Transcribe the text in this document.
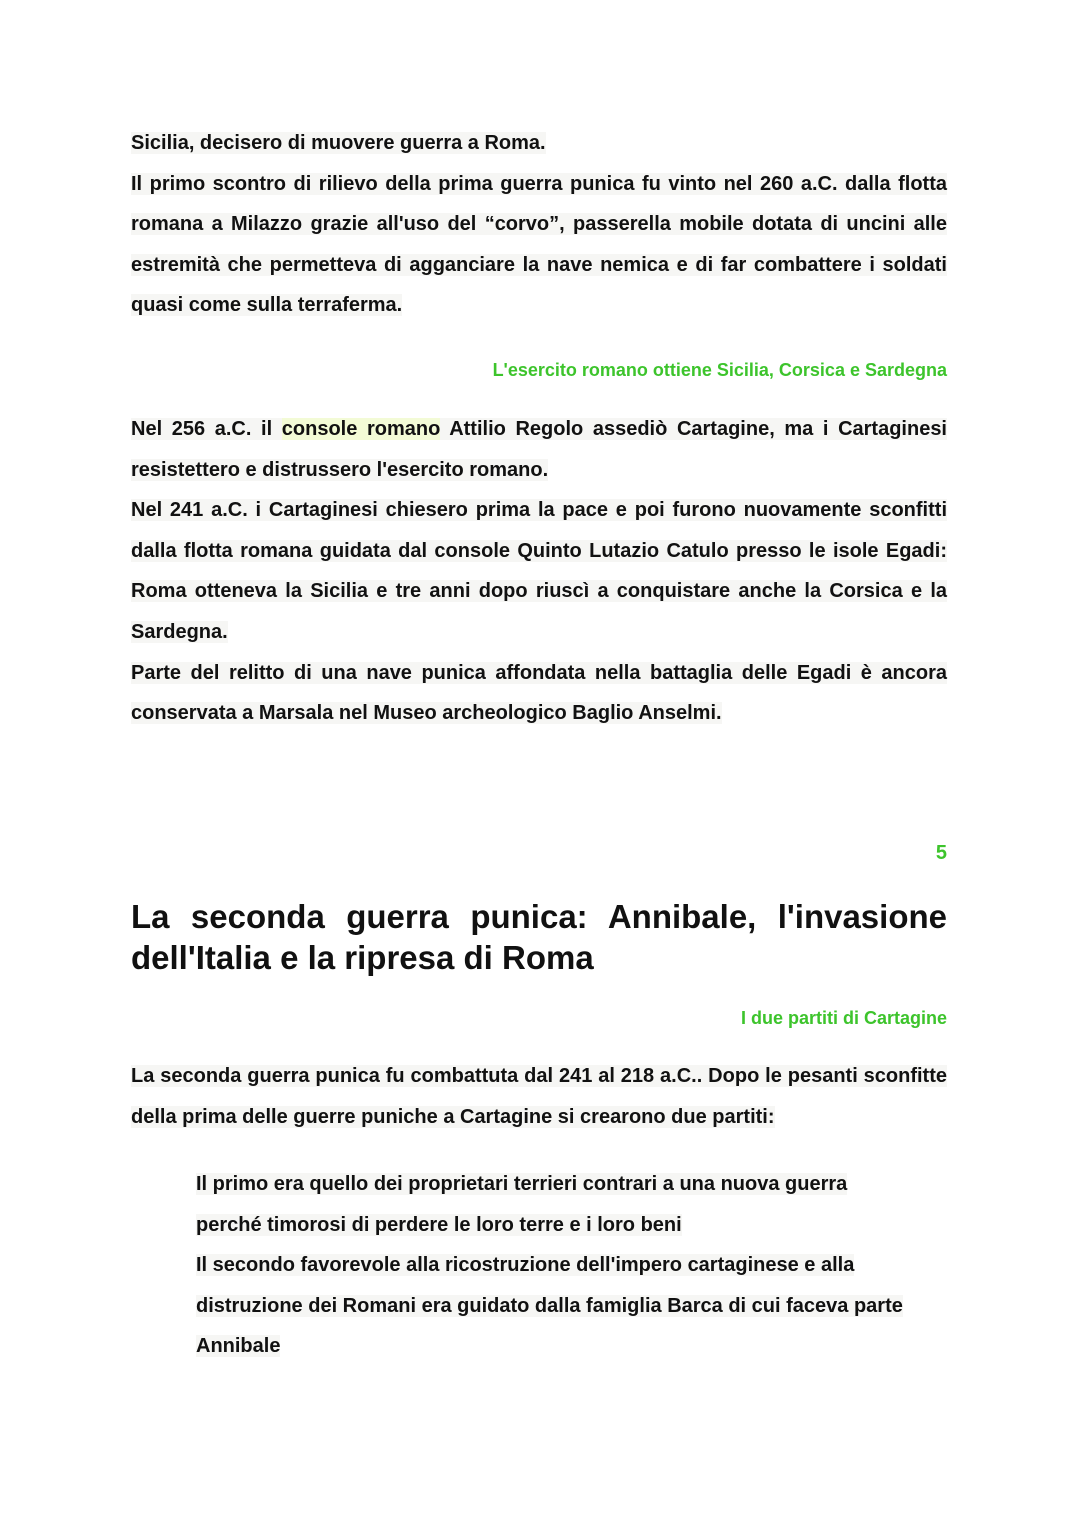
Sicilia, decisero di muovere guerra a Roma.

Il primo scontro di rilievo della prima guerra punica fu vinto nel 260 a.C. dalla flotta romana a Milazzo grazie all'uso del “corvo”, passerella mobile dotata di uncini alle estremità che permetteva di agganciare la nave nemica e di far combattere i soldati quasi come sulla terraferma.

L'esercito romano ottiene Sicilia, Corsica e Sardegna

Nel 256 a.C. il console romano Attilio Regolo assediò Cartagine, ma i Cartaginesi resistettero e distrussero l'esercito romano.

Nel 241 a.C. i Cartaginesi chiesero prima la pace e poi furono nuovamente sconfitti dalla flotta romana guidata dal console Quinto Lutazio Catulo presso le isole Egadi: Roma otteneva la Sicilia e tre anni dopo riuscì a conquistare anche la Corsica e la Sardegna.

Parte del relitto di una nave punica affondata nella battaglia delle Egadi è ancora conservata a Marsala nel Museo archeologico Baglio Anselmi.

5
La seconda guerra punica: Annibale, l'invasione dell'Italia e la ripresa di Roma
I due partiti di Cartagine

La seconda guerra punica fu combattuta dal 241 al 218 a.C.. Dopo le pesanti sconfitte della prima delle guerre puniche a Cartagine si crearono due partiti:

Il primo era quello dei proprietari terrieri contrari a una nuova guerra perché timorosi di perdere le loro terre e i loro beni
Il secondo favorevole alla ricostruzione dell'impero cartaginese e alla distruzione dei Romani era guidato dalla famiglia Barca di cui faceva parte Annibale
